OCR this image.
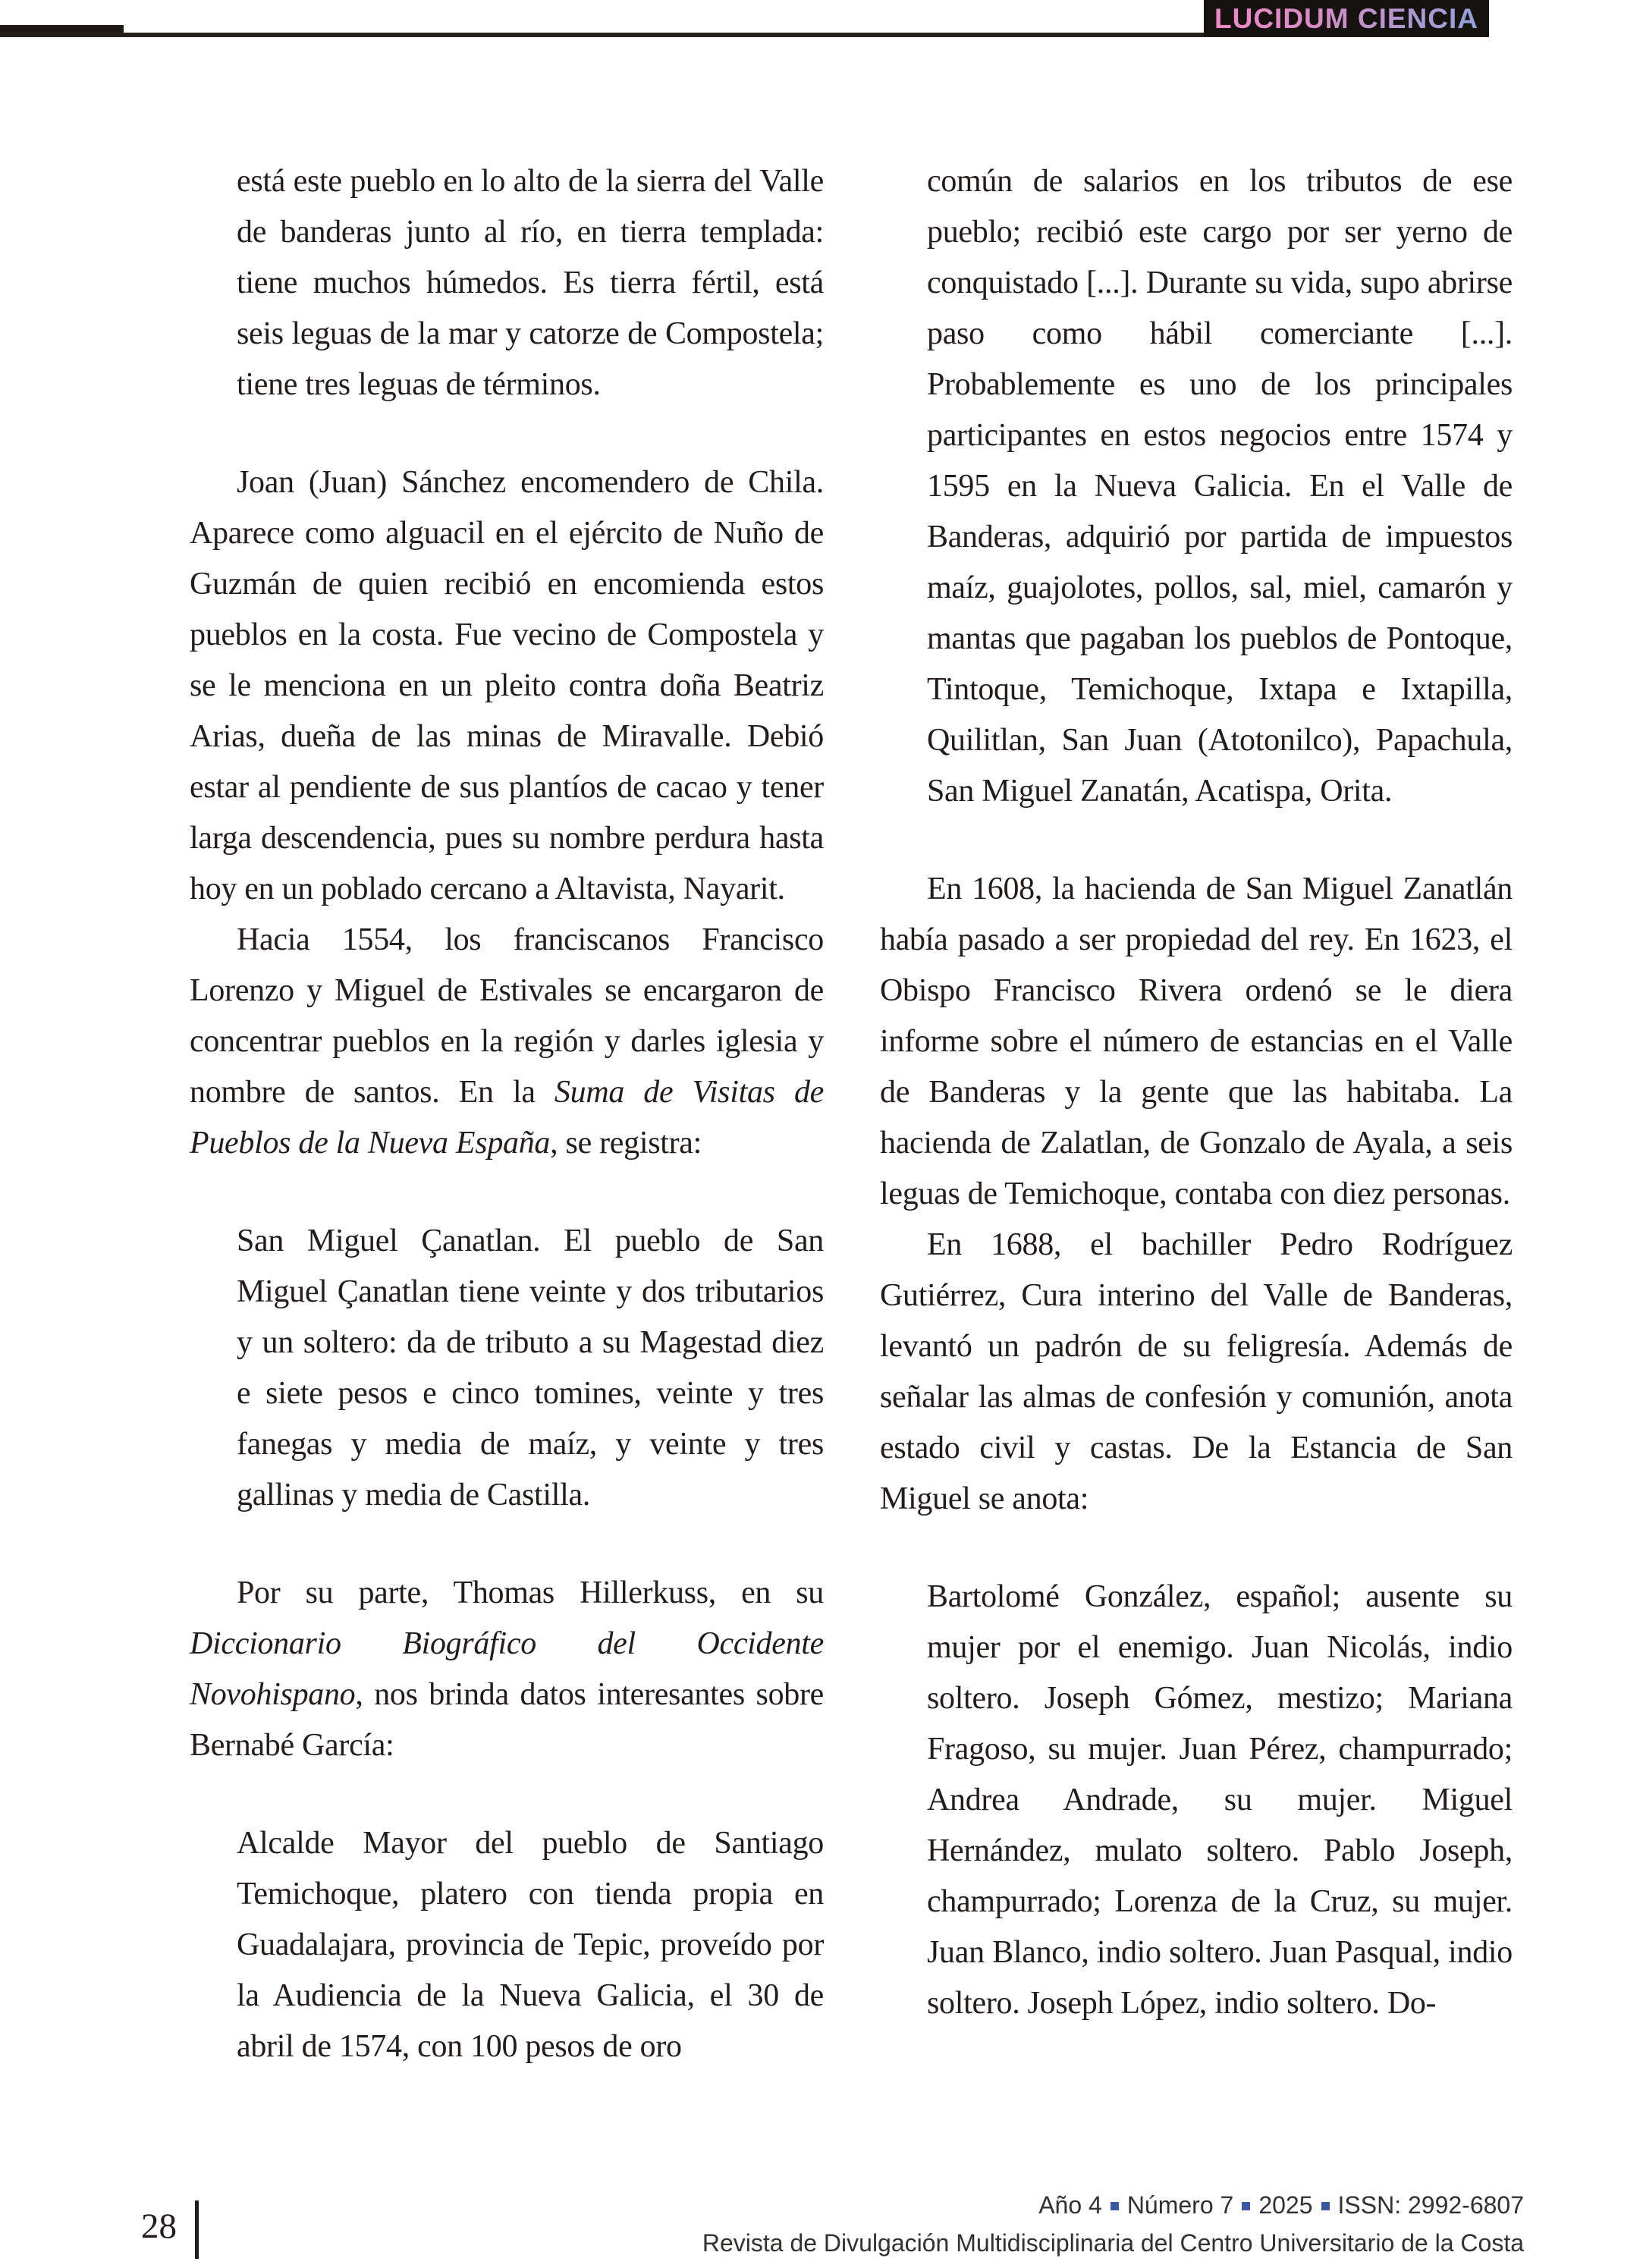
LUCIDUM CIENCIA
está este pueblo en lo alto de la sierra del Valle de banderas junto al río, en tierra templada: tiene muchos húmedos. Es tierra fértil, está seis leguas de la mar y catorze de Compostela; tiene tres leguas de términos.
Joan (Juan) Sánchez encomendero de Chila. Aparece como alguacil en el ejército de Nuño de Guzmán de quien recibió en encomienda estos pueblos en la costa. Fue vecino de Compostela y se le menciona en un pleito contra doña Beatriz Arias, dueña de las minas de Miravalle. Debió estar al pendiente de sus plantíos de cacao y tener larga descendencia, pues su nombre perdura hasta hoy en un poblado cercano a Altavista, Nayarit.
Hacia 1554, los franciscanos Francisco Lorenzo y Miguel de Estivales se encargaron de concentrar pueblos en la región y darles iglesia y nombre de santos. En la Suma de Visitas de Pueblos de la Nueva España, se registra:
San Miguel Çanatlan. El pueblo de San Miguel Çanatlan tiene veinte y dos tributarios y un soltero: da de tributo a su Magestad diez e siete pesos e cinco tomines, veinte y tres fanegas y media de maíz, y veinte y tres gallinas y media de Castilla.
Por su parte, Thomas Hillerkuss, en su Diccionario Biográfico del Occidente Novohispano, nos brinda datos interesantes sobre Bernabé García:
Alcalde Mayor del pueblo de Santiago Temichoque, platero con tienda propia en Guadalajara, provincia de Tepic, proveído por la Audiencia de la Nueva Galicia, el 30 de abril de 1574, con 100 pesos de oro
común de salarios en los tributos de ese pueblo; recibió este cargo por ser yerno de conquistado [...]. Durante su vida, supo abrirse paso como hábil comerciante [...]. Probablemente es uno de los principales participantes en estos negocios entre 1574 y 1595 en la Nueva Galicia. En el Valle de Banderas, adquirió por partida de impuestos maíz, guajolotes, pollos, sal, miel, camarón y mantas que pagaban los pueblos de Pontoque, Tintoque, Temichoque, Ixtapa e Ixtapilla, Quilitlan, San Juan (Atotonilco), Papachula, San Miguel Zanatán, Acatispa, Orita.
En 1608, la hacienda de San Miguel Zanatlán había pasado a ser propiedad del rey. En 1623, el Obispo Francisco Rivera ordenó se le diera informe sobre el número de estancias en el Valle de Banderas y la gente que las habitaba. La hacienda de Zalatlan, de Gonzalo de Ayala, a seis leguas de Temichoque, contaba con diez personas.
En 1688, el bachiller Pedro Rodríguez Gutiérrez, Cura interino del Valle de Banderas, levantó un padrón de su feligresía. Además de señalar las almas de confesión y comunión, anota estado civil y castas. De la Estancia de San Miguel se anota:
Bartolomé González, español; ausente su mujer por el enemigo. Juan Nicolás, indio soltero. Joseph Gómez, mestizo; Mariana Fragoso, su mujer. Juan Pérez, champurrado; Andrea Andrade, su mujer. Miguel Hernández, mulato soltero. Pablo Joseph, champurrado; Lorenza de la Cruz, su mujer. Juan Blanco, indio soltero. Juan Pasqual, indio soltero. Joseph López, indio soltero. Do-
28
Año 4 Número 7 2025 ISSN: 2992-6807
Revista de Divulgación Multidisciplinaria del Centro Universitario de la Costa
